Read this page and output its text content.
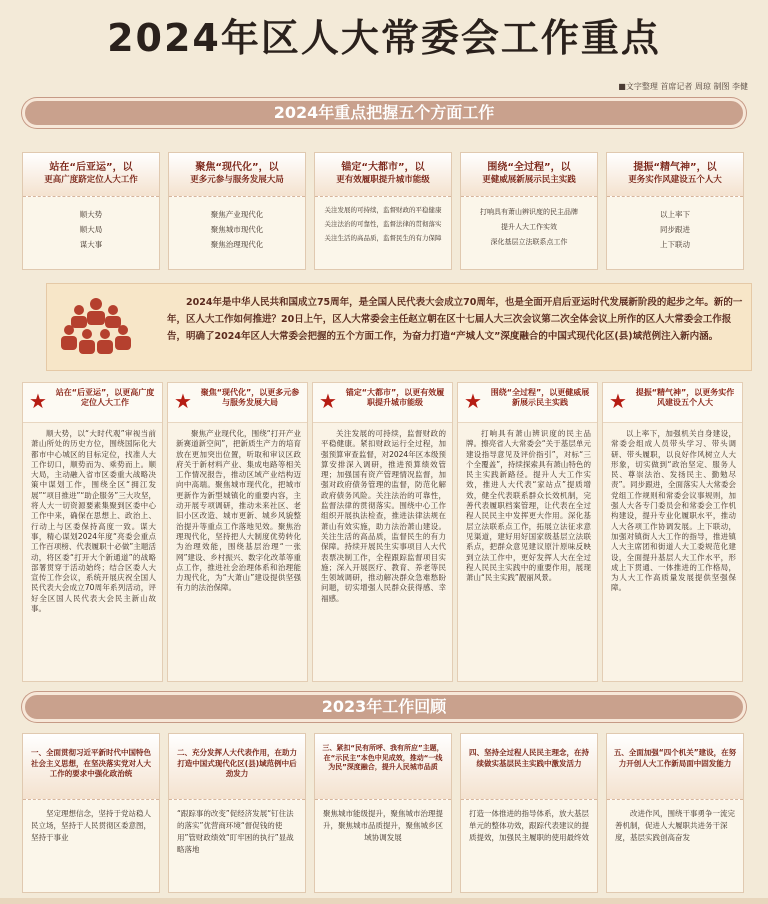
2024年区人大常委会工作重点
■文字整理 首席记者 周琼 制图 李健
2024年重点把握五个方面工作
站在“后亚运”，以
更高广度跻定位人大工作
顺大势
顺大局
谋大事
聚焦“现代化”，以
更多元参与服务发展大局
聚焦产业现代化
聚焦城市现代化
聚焦治理现代化
锚定“大都市”，以
更有效履职提升城市能级
关注发展的可持续，监督财政的平稳健康
关注法治的可靠性，监督法律的贯彻落实
关注生活的高品质，监督民生的有力保障
围绕“全过程”，以
更健威展新展示民主实践
打响具有萧山辨识度的民主品牌
提升人大工作实效
深化基层立法联系点工作
提振“精气神”，以
更务实作风建设五个人大
以上率下
同步跟进
上下联动
2024年是中华人民共和国成立75周年，是全国人民代表大会成立70周年，也是全面开启后亚运时代发展新阶段的起步之年。新的一年，区人大工作如何推进？20日上午，区人大常委会主任赵立朝在区十七届人大三次会议第二次全体会议上所作的区人大常委会工作报告，明确了2024年区人大常委会把握的五个方面工作，为奋力打造“产城人文”深度融合的中国式现代化区(县)域范例注入新内涵。
★	站在“后亚运”，以更高广度定位人大工作
顺大势，以“大时代观”审视当前萧山所处的历史方位，围绕国际化大都市中心城区的目标定位，找准人大工作切口，顺势而为、乘势而上。顺大局，主动融入省市区委重大战略决策中谋划工作，围绕全区“拥江发展”“项目推进”“助企服务”三大攻坚，将人大一切资源要素集聚到区委中心工作中来，确保在思想上、政治上、行动上与区委保持高度一致。谋大事，精心谋划2024年度“亮委会重点工作百项榜、代表履职十必做”主题活动，将区委“打开大个新通道”的战略部署贯穿于活动始终；结合区委人大宣传工作会议，系统开展庆祝全国人民代表大会成立70周年系列活动，评好全区国人民代表大会民主新山故事。
★	聚焦“现代化”，以更多元参与服务发展大局
聚焦产业现代化，围绕“打开产业新赛道新空间”，把新质生产力的培育放在更加突出位置，听取和审议区政府关于新材料产业、集成电路等相关工作情况报告，推动区域产业结构迈向中高端。聚焦城市现代化，把城市更新作为新型城镇化的重要内容，主动开展专项调研，推动未来社区、老旧小区改造、城市更新、城乡风貌整治提升等重点工作落地见效。聚焦治理现代化，坚持把人大制度优势转化为治理效能，围绕基层治理“一张网”建设、乡村振兴、数字化改革等重点工作，推进社会治理体系和治理能力现代化，为“大萧山”建设提供坚强有力的法治保障。
★	锚定“大都市”，以更有效履职提升城市能级
关注发展的可持续，监督财政的平稳健康。紧扣财政运行全过程，加强预算审查监督，对2024年区本级预算安排深入调研，推进预算绩效管理；加强国有资产管理情况监督，加强对政府债务管理的监督，防范化解政府债务风险。关注法治的可靠性，监督法律的贯彻落实。围绕中心工作组织开展执法检查，推进法律法规在萧山有效实施，助力法治萧山建设。关注生活的高品质，监督民生的有力保障。持续开展民生实事项目人大代表票决制工作，全程跟踪监督项目实施；深入开展医疗、教育、养老等民生领域调研，推动解决群众急难愁盼问题，切实增强人民群众获得感、幸福感。
★	围绕“全过程”，以更健威展新展示民主实践
打响具有萧山辨识度的民主品牌。擦亮省人大常委会“关于基层单元建设指导意见及评价指引”，对标“三个全覆盖”，持续探索具有萧山特色的民主实践新路径。提升人大工作实效，推进人大代表“家站点”提质增效，健全代表联系群众长效机制，完善代表履职档案管理，让代表在全过程人民民主中发挥更大作用。深化基层立法联系点工作，拓展立法征求意见渠道，建好用好国家级基层立法联系点，把群众意见建议原汁原味反映到立法工作中，更好发挥人大在全过程人民民主实践中的重要作用，展现萧山“民主实践”靓丽风景。
★	提振“精气神”，以更务实作风建设五个人大
以上率下，加强机关自身建设，常委会组成人员带头学习、带头调研、带头履职，以良好作风树立人大形象，切实做到“政治坚定、服务人民、尊崇法治、发扬民主、勤勉尽责”。同步跟进，全面落实人大常委会党组工作规则和常委会议事规则，加强人大各专门委员会和常委会工作机构建设，提升专业化履职水平，推动人大各项工作协调发展。上下联动，加强对镇街人大工作的指导，推进镇人大主席团和街道人大工委规范化建设，全面提升基层人大工作水平，形成上下贯通、一体推进的工作格局，为人大工作高质量发展提供坚强保障。
2023年工作回顾
一、全面贯彻习近平新时代中国特色社会主义思想，在坚决落实党对人大工作的要求中强化政治统
坚定理想信念，坚持于党站稳人民立场，坚持于人民贯彻区委意图，坚持于事业
二、充分发挥人大代表作用，在助力打造中国式现代化区(县)域范例中后劲发力
“跟踪事的改变”促经济发展“钉住法的落实”优营商环境“督促钱的使用”管财政绩效“盯牢困的执行”显战略落地
三、紧扣“民有所呼、我有所应”主题，在“示民主”本色中见成效，推动“一线为民”深度融合，提升人民城市品质
聚焦城市能级提升，聚焦城市治理提升，聚焦城市品质提升，聚焦城乡区域协调发展
四、坚持全过程人民民主理念，在持续做实基层民主实践中激发活力
打造一体推进的指导体系，放大基层单元的整体功效，跟踪代表建议的提质提效，加强民主履职的使用最终效
五、全面加强“四个机关”建设，在努力开创人大工作新局面中固发能力
改进作风，围绕干事勇争一流完善机制，促进人大履职共进务干深度，基层实践创高奋发
